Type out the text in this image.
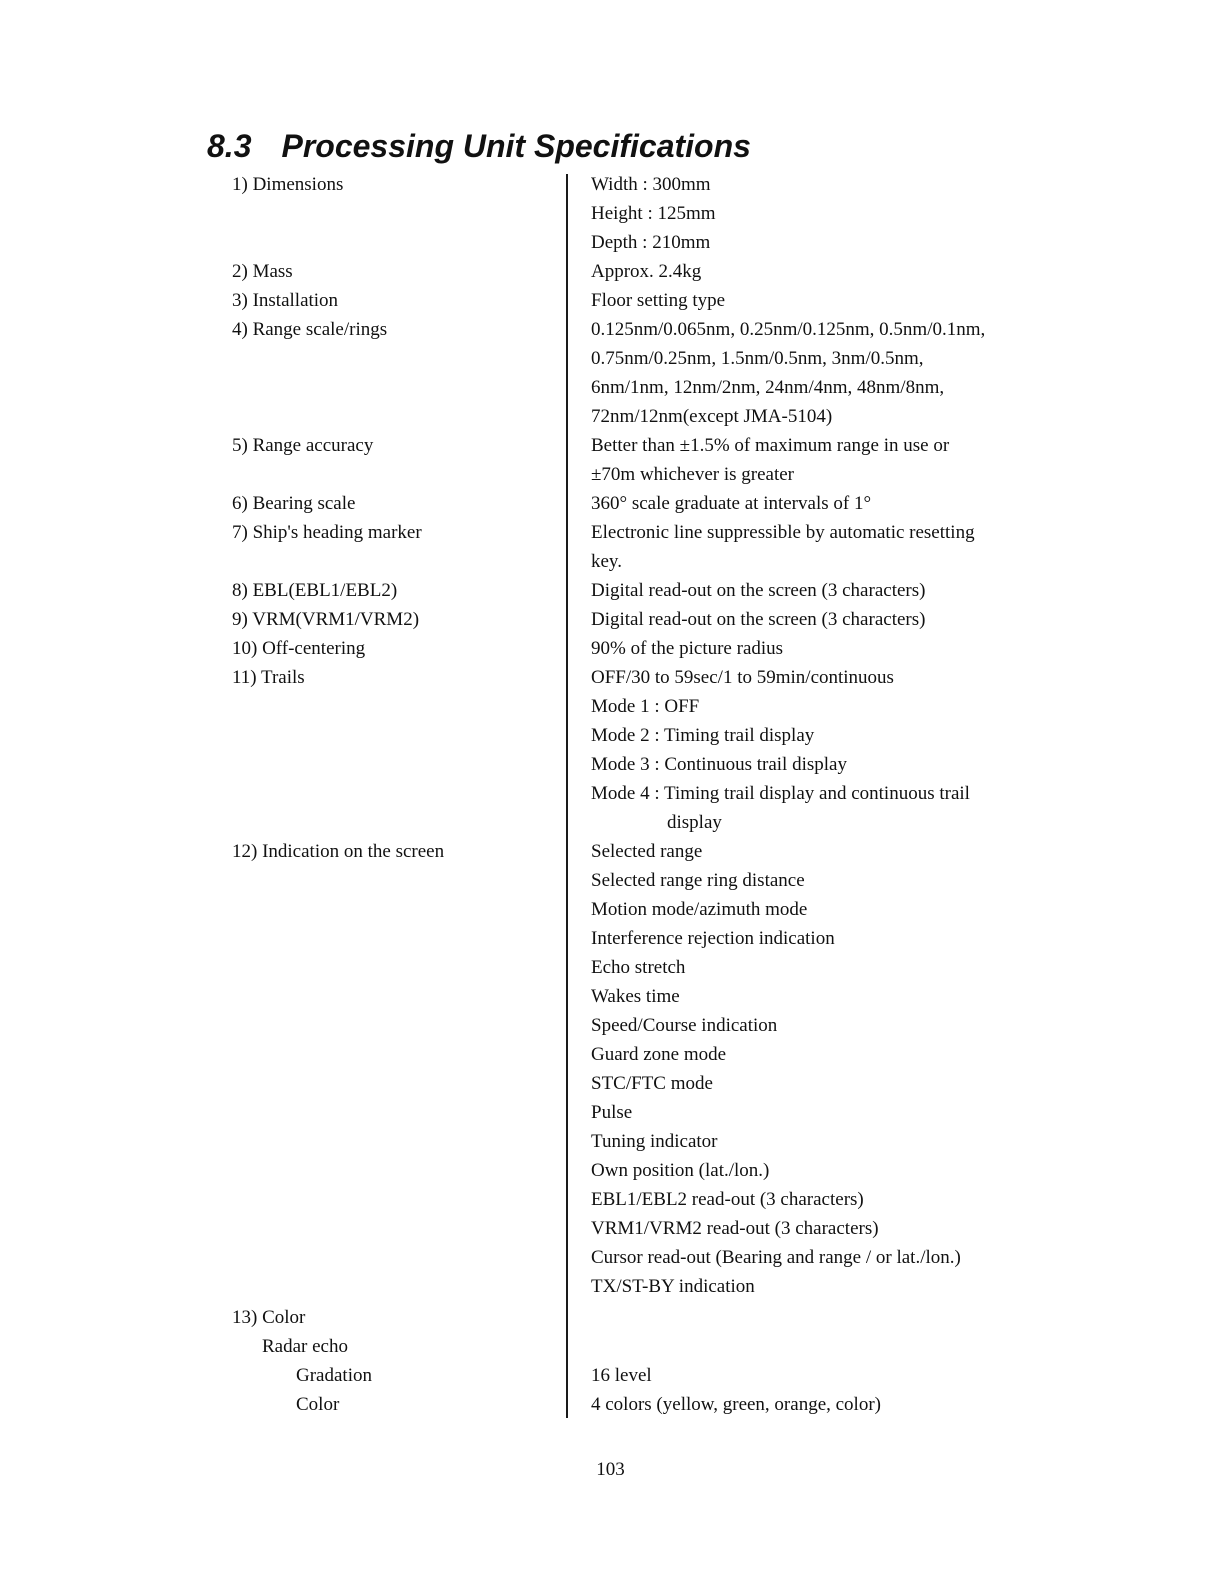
8.3 Processing Unit Specifications
1) Dimensions
2) Mass
3) Installation
4) Range scale/rings
5) Range accuracy
6) Bearing scale
7) Ship's heading marker
8) EBL(EBL1/EBL2)
9) VRM(VRM1/VRM2)
10) Off-centering
11) Trails
12) Indication on the screen
13) Color
Radar echo
Gradation
Color
Width : 300mm
Height : 125mm
Depth : 210mm
Approx. 2.4kg
Floor setting type
0.125nm/0.065nm, 0.25nm/0.125nm, 0.5nm/0.1nm,
0.75nm/0.25nm, 1.5nm/0.5nm, 3nm/0.5nm,
6nm/1nm, 12nm/2nm, 24nm/4nm, 48nm/8nm,
72nm/12nm(except JMA-5104)
Better than ±1.5% of maximum range in use or
±70m whichever is greater
360° scale graduate at intervals of 1°
Electronic line suppressible by automatic resetting
key.
Digital read-out on the screen (3 characters)
Digital read-out on the screen (3 characters)
90% of the picture radius
OFF/30 to 59sec/1 to 59min/continuous
Mode 1 : OFF
Mode 2 : Timing trail display
Mode 3 : Continuous trail display
Mode 4 : Timing trail display and continuous trail
display
Selected range
Selected range ring distance
Motion mode/azimuth mode
Interference rejection indication
Echo stretch
Wakes time
Speed/Course indication
Guard zone mode
STC/FTC mode
Pulse
Tuning indicator
Own position (lat./lon.)
EBL1/EBL2 read-out (3 characters)
VRM1/VRM2 read-out (3 characters)
Cursor read-out (Bearing and range / or lat./lon.)
TX/ST-BY indication
16 level
4 colors (yellow, green, orange, color)
103
